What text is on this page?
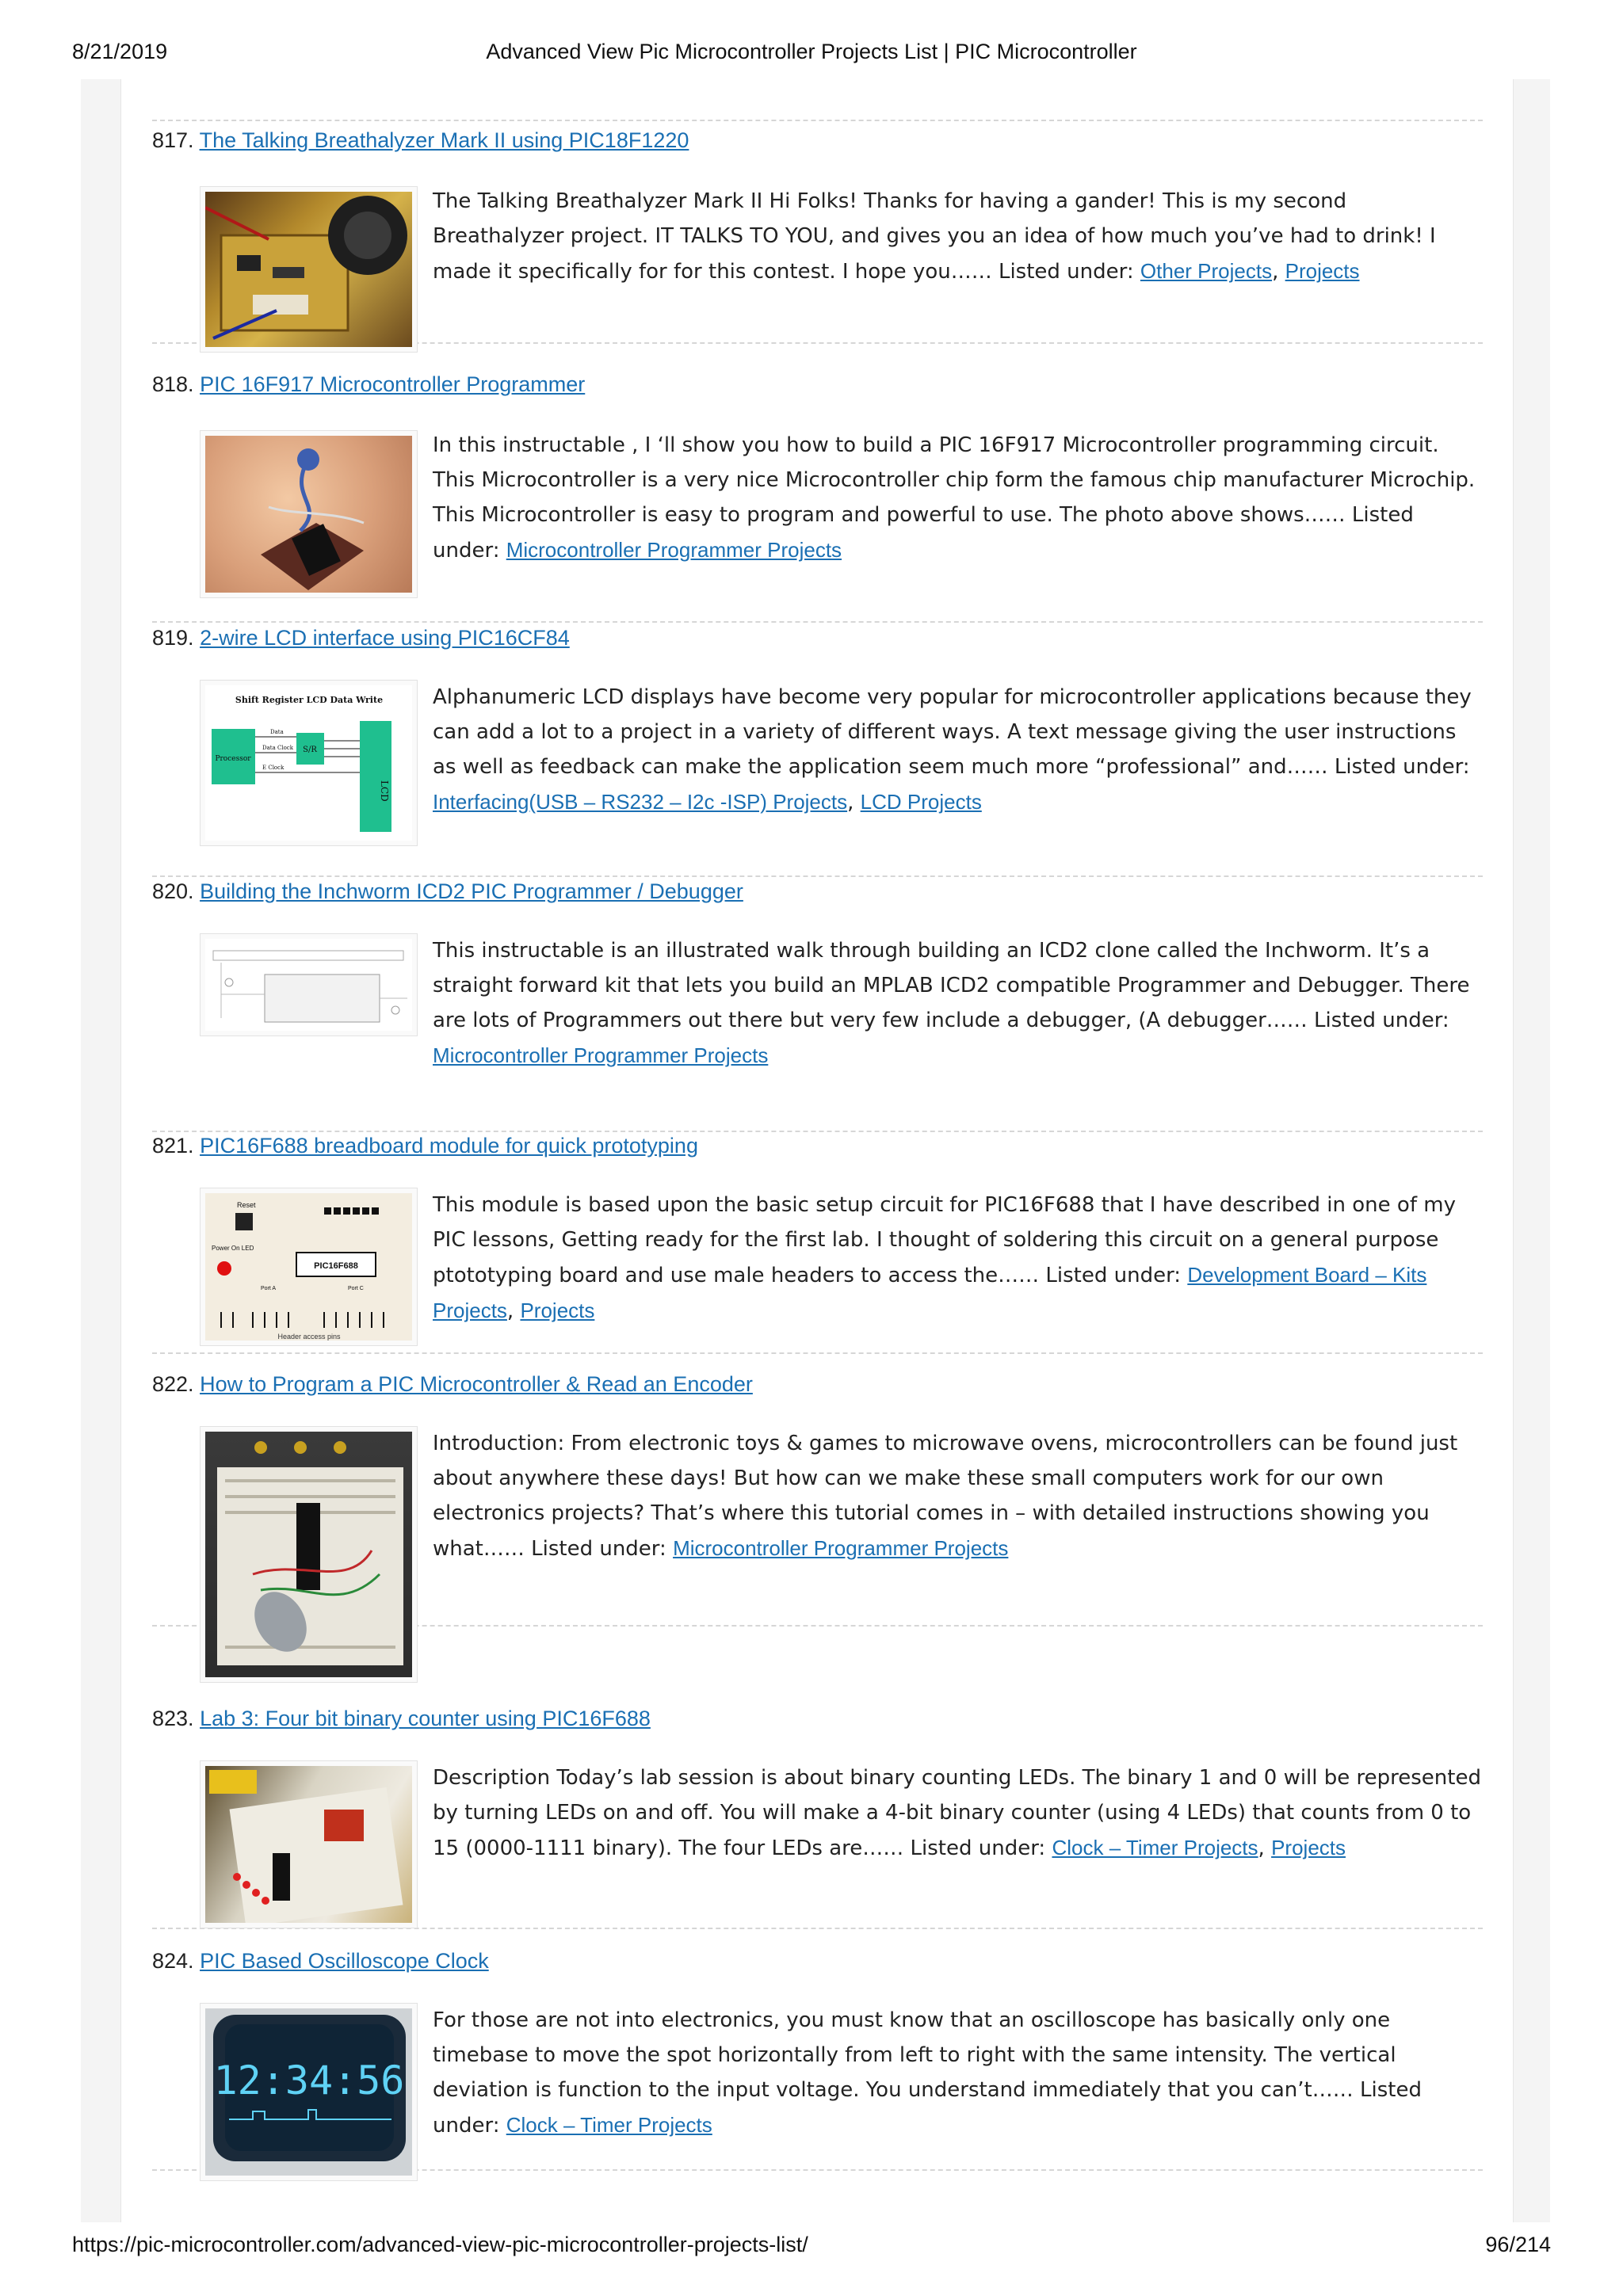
8/21/2019	Advanced View Pic Microcontroller Projects List | PIC Microcontroller
817. The Talking Breathalyzer Mark II using PIC18F1220
The Talking Breathalyzer Mark II Hi Folks! Thanks for having a gander! This is my second Breathalyzer project. IT TALKS TO YOU, and gives you an idea of how much you’ve had to drink! I made it specifically for for this contest. I hope you…… Listed under: Other Projects, Projects
818. PIC 16F917 Microcontroller Programmer
In this instructable , I ‘ll show you how to build a PIC 16F917 Microcontroller programming circuit. This Microcontroller is a very nice Microcontroller chip form the famous chip manufacturer Microchip. This Microcontroller is easy to program and powerful to use. The photo above shows…… Listed under: Microcontroller Programmer Projects
819. 2-wire LCD interface using PIC16CF84
Shift Register LCD Data Write
Processor
S/R
LCD
Data
Data Clock
E Clock
Alphanumeric LCD displays have become very popular for microcontroller applications because they can add a lot to a project in a variety of different ways. A text message giving the user instructions as well as feedback can make the application seem much more “professional” and…… Listed under: Interfacing(USB – RS232 – I2c -ISP) Projects, LCD Projects
820. Building the Inchworm ICD2 PIC Programmer / Debugger
This instructable is an illustrated walk through building an ICD2 clone called the Inchworm. It’s a straight forward kit that lets you build an MPLAB ICD2 compatible Programmer and Debugger. There are lots of Programmers out there but very few include a debugger, (A debugger…… Listed under: Microcontroller Programmer Projects
821. PIC16F688 breadboard module for quick prototyping
Reset
Power On LED
PIC16F688
Port A	Port C
Header access pins
This module is based upon the basic setup circuit for PIC16F688 that I have described in one of my PIC lessons, Getting ready for the first lab. I thought of soldering this circuit on a general purpose ptototyping board and use male headers to access the…… Listed under: Development Board – Kits Projects, Projects
822. How to Program a PIC Microcontroller & Read an Encoder
Introduction: From electronic toys & games to microwave ovens, microcontrollers can be found just about anywhere these days! But how can we make these small computers work for our own electronics projects? That’s where this tutorial comes in – with detailed instructions showing you what…… Listed under: Microcontroller Programmer Projects
823. Lab 3: Four bit binary counter using PIC16F688
Description Today’s lab session is about binary counting LEDs. The binary 1 and 0 will be represented by turning LEDs on and off. You will make a 4-bit binary counter (using 4 LEDs) that counts from 0 to 15 (0000-1111 binary). The four LEDs are…… Listed under: Clock – Timer Projects, Projects
824. PIC Based Oscilloscope Clock
12:34:56
For those are not into electronics, you must know that an oscilloscope has basically only one timebase to move the spot horizontally from left to right with the same intensity. The vertical deviation is function to the input voltage. You understand immediately that you can’t…… Listed under: Clock – Timer Projects
https://pic-microcontroller.com/advanced-view-pic-microcontroller-projects-list/	96/214
